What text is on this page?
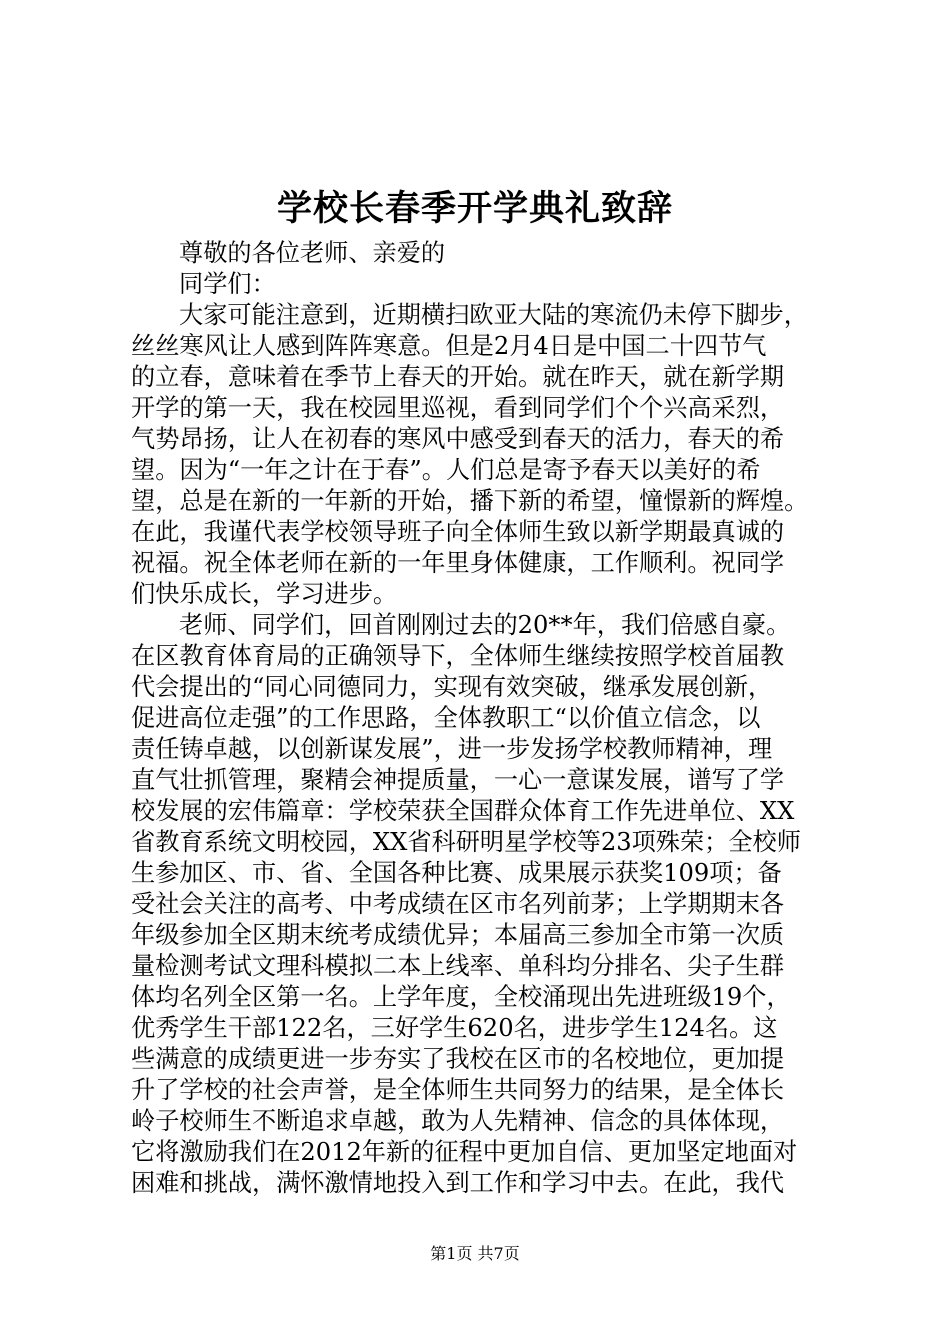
学校长春季开学典礼致辞
尊敬的各位老师、亲爱的
同学们：
大家可能注意到，近期横扫欧亚大陆的寒流仍未停下脚步，
丝丝寒风让人感到阵阵寒意。但是2月4日是中国二十四节气
的立春，意味着在季节上春天的开始。就在昨天，就在新学期
开学的第一天，我在校园里巡视，看到同学们个个兴高采烈，
气势昂扬，让人在初春的寒风中感受到春天的活力，春天的希
望。因为“一年之计在于春”。人们总是寄予春天以美好的希
望，总是在新的一年新的开始，播下新的希望，憧憬新的辉煌。
在此，我谨代表学校领导班子向全体师生致以新学期最真诚的
祝福。祝全体老师在新的一年里身体健康，工作顺利。祝同学
们快乐成长，学习进步。
老师、同学们，回首刚刚过去的20**年，我们倍感自豪。
在区教育体育局的正确领导下，全体师生继续按照学校首届教
代会提出的“同心同德同力，实现有效突破，继承发展创新，
促进高位走强”的工作思路，全体教职工“以价值立信念，以
责任铸卓越，以创新谋发展”，进一步发扬学校教师精神，理
直气壮抓管理，聚精会神提质量，一心一意谋发展，谱写了学
校发展的宏伟篇章：学校荣获全国群众体育工作先进单位、XX
省教育系统文明校园，XX省科研明星学校等23项殊荣；全校师
生参加区、市、省、全国各种比赛、成果展示获奖109项；备
受社会关注的高考、中考成绩在区市名列前茅；上学期期末各
年级参加全区期末统考成绩优异；本届高三参加全市第一次质
量检测考试文理科模拟二本上线率、单科均分排名、尖子生群
体均名列全区第一名。上学年度，全校涌现出先进班级19个，
优秀学生干部122名，三好学生620名，进步学生124名。这
些满意的成绩更进一步夯实了我校在区市的名校地位，更加提
升了学校的社会声誉，是全体师生共同努力的结果，是全体长
岭子校师生不断追求卓越，敢为人先精神、信念的具体体现，
它将激励我们在2012年新的征程中更加自信、更加坚定地面对
困难和挑战，满怀激情地投入到工作和学习中去。在此，我代
第1页 共7页
